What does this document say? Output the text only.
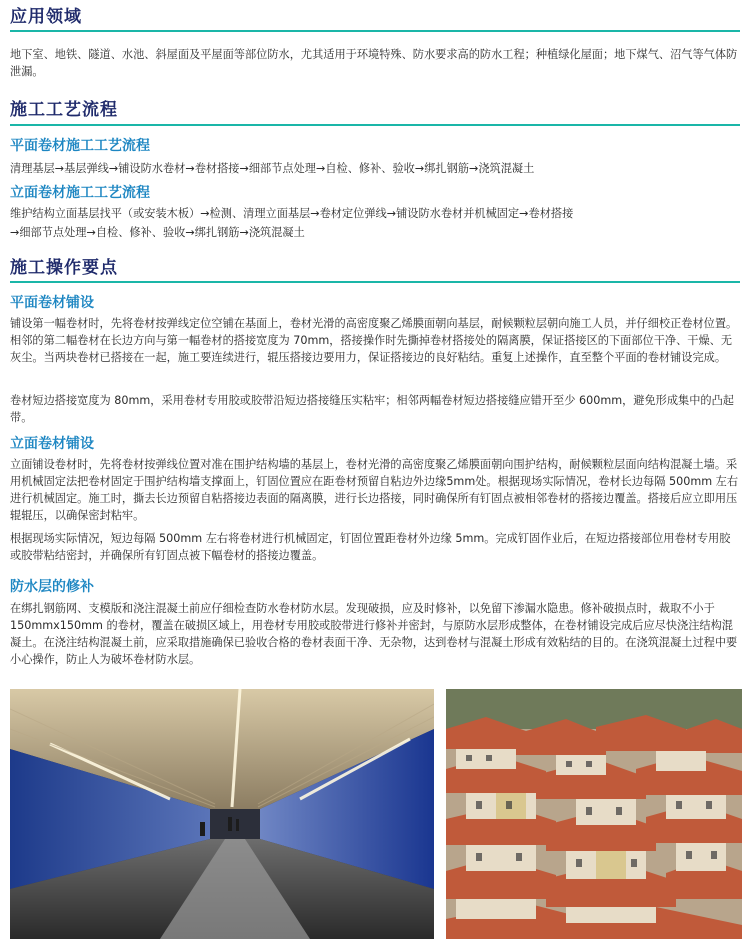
应用领域

地下室、地铁、隧道、水池、斜屋面及平屋面等部位防水，尤其适用于环境特殊、防水要求高的防水工程；种植绿化屋面；地下煤气、沼气等气体防泄漏。

施工工艺流程
平面卷材施工工艺流程

清理基层→基层弹线→铺设防水卷材→卷材搭接→细部节点处理→自检、修补、验收→绑扎钢筋→浇筑混凝土

立面卷材施工工艺流程

维护结构立面基层找平（或安装木板）→检测、清理立面基层→卷材定位弹线→铺设防水卷材并机械固定→卷材搭接

→细部节点处理→自检、修补、验收→绑扎钢筋→浇筑混凝土

施工操作要点
平面卷材铺设

铺设第一幅卷材时，先将卷材按弹线定位空铺在基面上，卷材光滑的高密度聚乙烯膜面朝向基层，耐候颗粒层朝向施工人员，并仔细校正卷材位置。相邻的第二幅卷材在长边方向与第一幅卷材的搭接宽度为 70mm，搭接操作时先撕掉卷材搭接处的隔离膜，保证搭接区的下面部位干净、干燥、无灰尘。当两块卷材已搭接在一起，施工要连续进行，辊压搭接边要用力，保证搭接边的良好粘结。重复上述操作，直至整个平面的卷材铺设完成。

卷材短边搭接宽度为 80mm，采用卷材专用胶或胶带沿短边搭接缝压实粘牢；相邻两幅卷材短边搭接缝应错开至少 600mm，避免形成集中的凸起带。

立面卷材铺设

立面铺设卷材时，先将卷材按弹线位置对准在围护结构墙的基层上，卷材光滑的高密度聚乙烯膜面朝向围护结构，耐候颗粒层面向结构混凝土墙。采用机械固定法把卷材固定于围护结构墙支撑面上，钉固位置应在距卷材预留自粘边外边缘5mm处。根据现场实际情况，卷材长边每隔 500mm 左右进行机械固定。施工时，撕去长边预留自粘搭接边表面的隔离膜，进行长边搭接，同时确保所有钉固点被相邻卷材的搭接边覆盖。搭接后应立即用压辊辊压，以确保密封粘牢。

根据现场实际情况，短边每隔 500mm 左右将卷材进行机械固定，钉固位置距卷材外边缘 5mm。完成钉固作业后，在短边搭接部位用卷材专用胶或胶带粘结密封，并确保所有钉固点被下幅卷材的搭接边覆盖。

防水层的修补

在绑扎钢筋网、支模版和浇注混凝土前应仔细检查防水卷材防水层。发现破损，应及时修补，以免留下渗漏水隐患。修补破损点时，裁取不小于 150mmx150mm 的卷材，覆盖在破损区域上，用卷材专用胶或胶带进行修补并密封，与原防水层形成整体，在卷材铺设完成后应尽快浇注结构混凝土。在浇注结构混凝土前，应采取措施确保已验收合格的卷材表面干净、无杂物，达到卷材与混凝土形成有效粘结的目的。在浇筑混凝土过程中要小心操作，防止人为破坏卷材防水层。
